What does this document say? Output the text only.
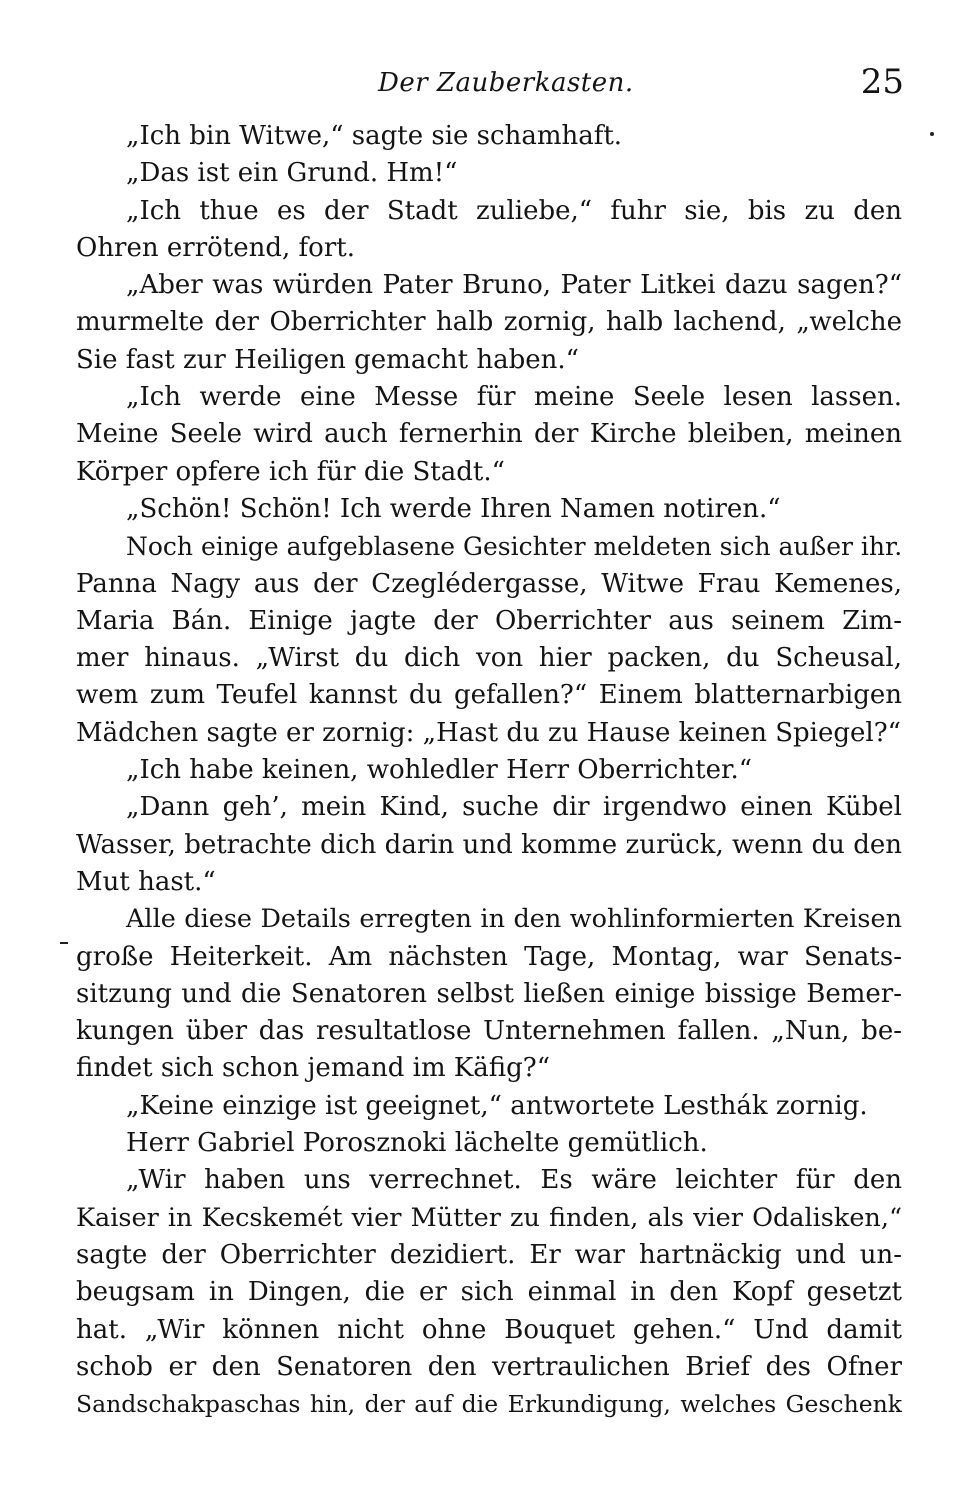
Der Zauberkasten.	25
„Ich bin Witwe,“ sagte sie schamhaft.
„Das ist ein Grund. Hm!“
„Ich thue es der Stadt zuliebe,“ fuhr sie, bis zu den
Ohren errötend, fort.
„Aber was würden Pater Bruno, Pater Litkei dazu sagen?“
murmelte der Oberrichter halb zornig, halb lachend, „welche
Sie fast zur Heiligen gemacht haben.“
„Ich werde eine Messe für meine Seele lesen lassen.
Meine Seele wird auch fernerhin der Kirche bleiben, meinen
Körper opfere ich für die Stadt.“
„Schön! Schön! Ich werde Ihren Namen notiren.“
Noch einige aufgeblasene Gesichter meldeten sich außer ihr.
Panna Nagy aus der Czeglédergasse, Witwe Frau Kemenes,
Maria Bán. Einige jagte der Oberrichter aus seinem Zim-
mer hinaus. „Wirst du dich von hier packen, du Scheusal,
wem zum Teufel kannst du gefallen?“ Einem blatternarbigen
Mädchen sagte er zornig: „Hast du zu Hause keinen Spiegel?“
„Ich habe keinen, wohledler Herr Oberrichter.“
„Dann geh’, mein Kind, suche dir irgendwo einen Kübel
Wasser, betrachte dich darin und komme zurück, wenn du den
Mut hast.“
Alle diese Details erregten in den wohlinformierten Kreisen
große Heiterkeit. Am nächsten Tage, Montag, war Senats-
sitzung und die Senatoren selbst ließen einige bissige Bemer-
kungen über das resultatlose Unternehmen fallen. „Nun, be-
findet sich schon jemand im Käfig?“
„Keine einzige ist geeignet,“ antwortete Lesthák zornig.
Herr Gabriel Porosznoki lächelte gemütlich.
„Wir haben uns verrechnet. Es wäre leichter für den
Kaiser in Kecskemét vier Mütter zu finden, als vier Odalisken,“
sagte der Oberrichter dezidiert. Er war hartnäckig und un-
beugsam in Dingen, die er sich einmal in den Kopf gesetzt
hat. „Wir können nicht ohne Bouquet gehen.“ Und damit
schob er den Senatoren den vertraulichen Brief des Ofner
Sandschakpaschas hin, der auf die Erkundigung, welches Geschenk
